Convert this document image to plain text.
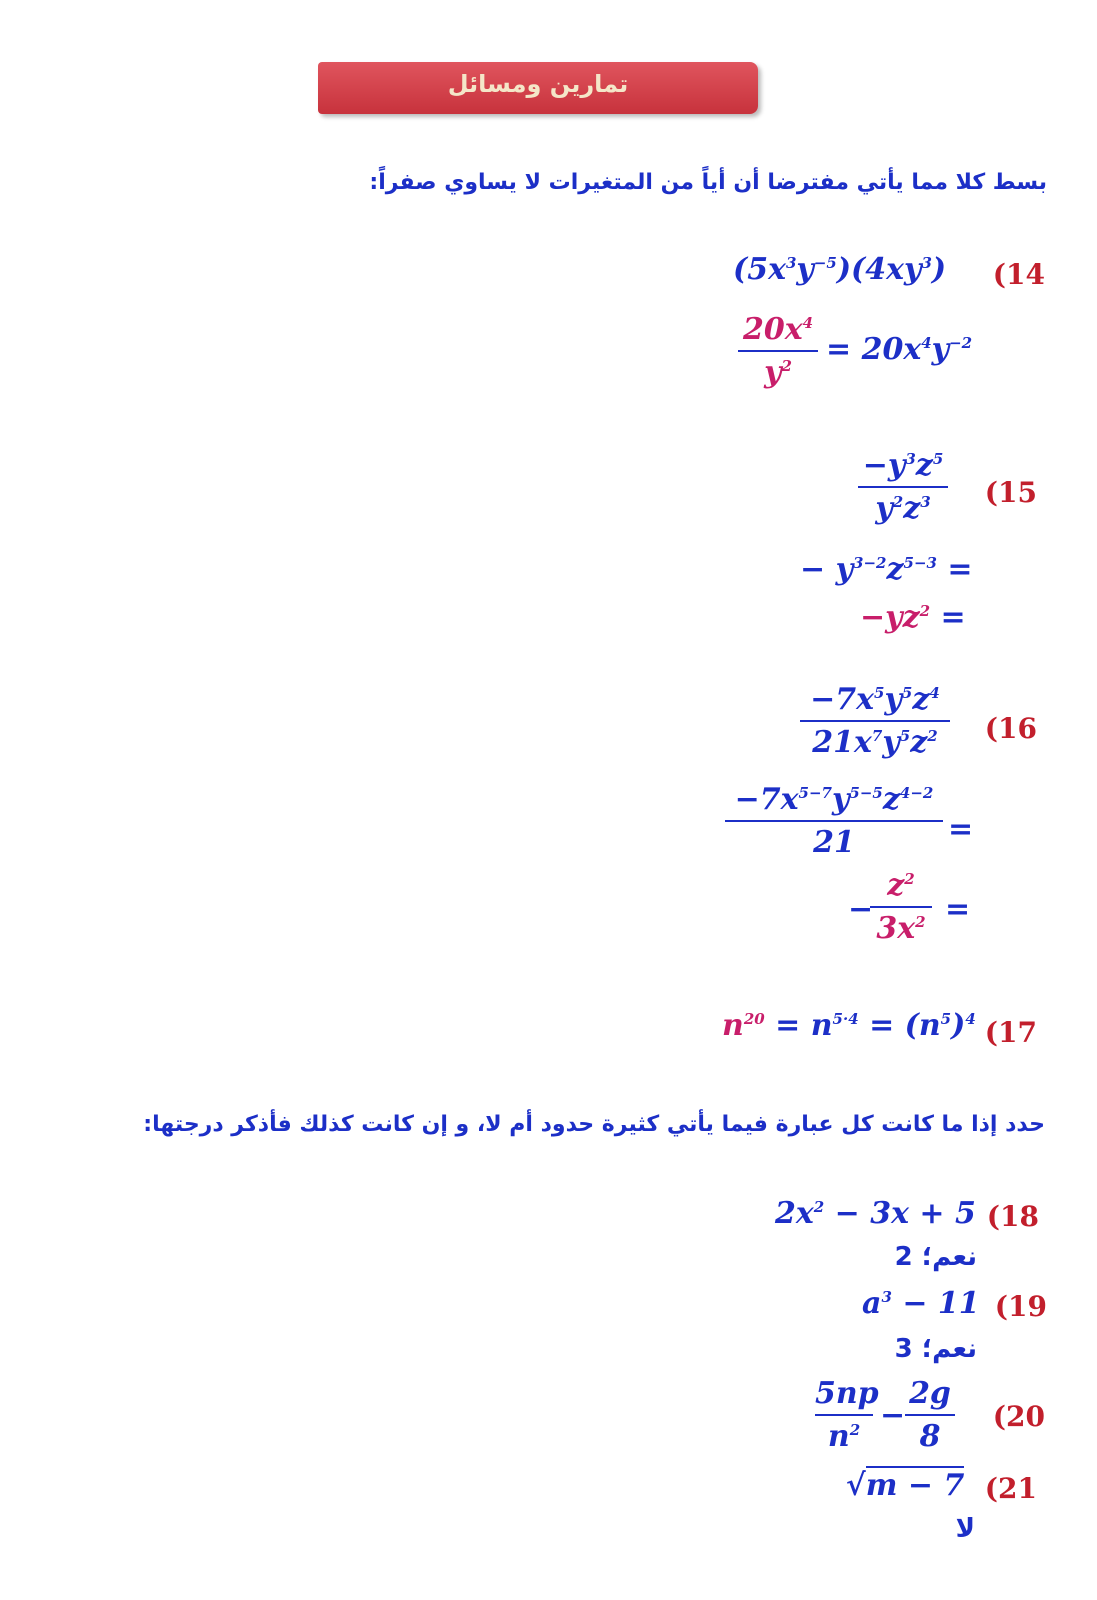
تمارين ومسائل
بسط كلا مما يأتي مفترضا أن أياً من المتغيرات لا يساوي صفراً:
(14
$(5x^3y^{-5})(4xy^3)$
$20x^4$
$y^2$	= $20x^4y^{-2}$
(15
$-y^3z^5$
$y^2z^3$
− $y^{3-2}z^{5-3}$ =
$-yz^2$ =
(16
$-7x^5y^5z^4$
$21x^7y^5z^2$
$-7x^{5-7}y^{5-5}z^{4-2}$
21	=
−
$z^2$
$3x^2$ =
(17
$n^{20} = n^{5\cdot 4} = (n^5)^4$
حدد إذا ما كانت كل عبارة فيما يأتي كثيرة حدود أم لا، و إن كانت كذلك فأذكر درجتها:
(18
$2x^2 - 3x + 5$
نعم؛ 2
(19
$a^3 - 11$
نعم؛ 3
(20
5np
$n^2$ −
2g
8
(21
√m − 7
لا
